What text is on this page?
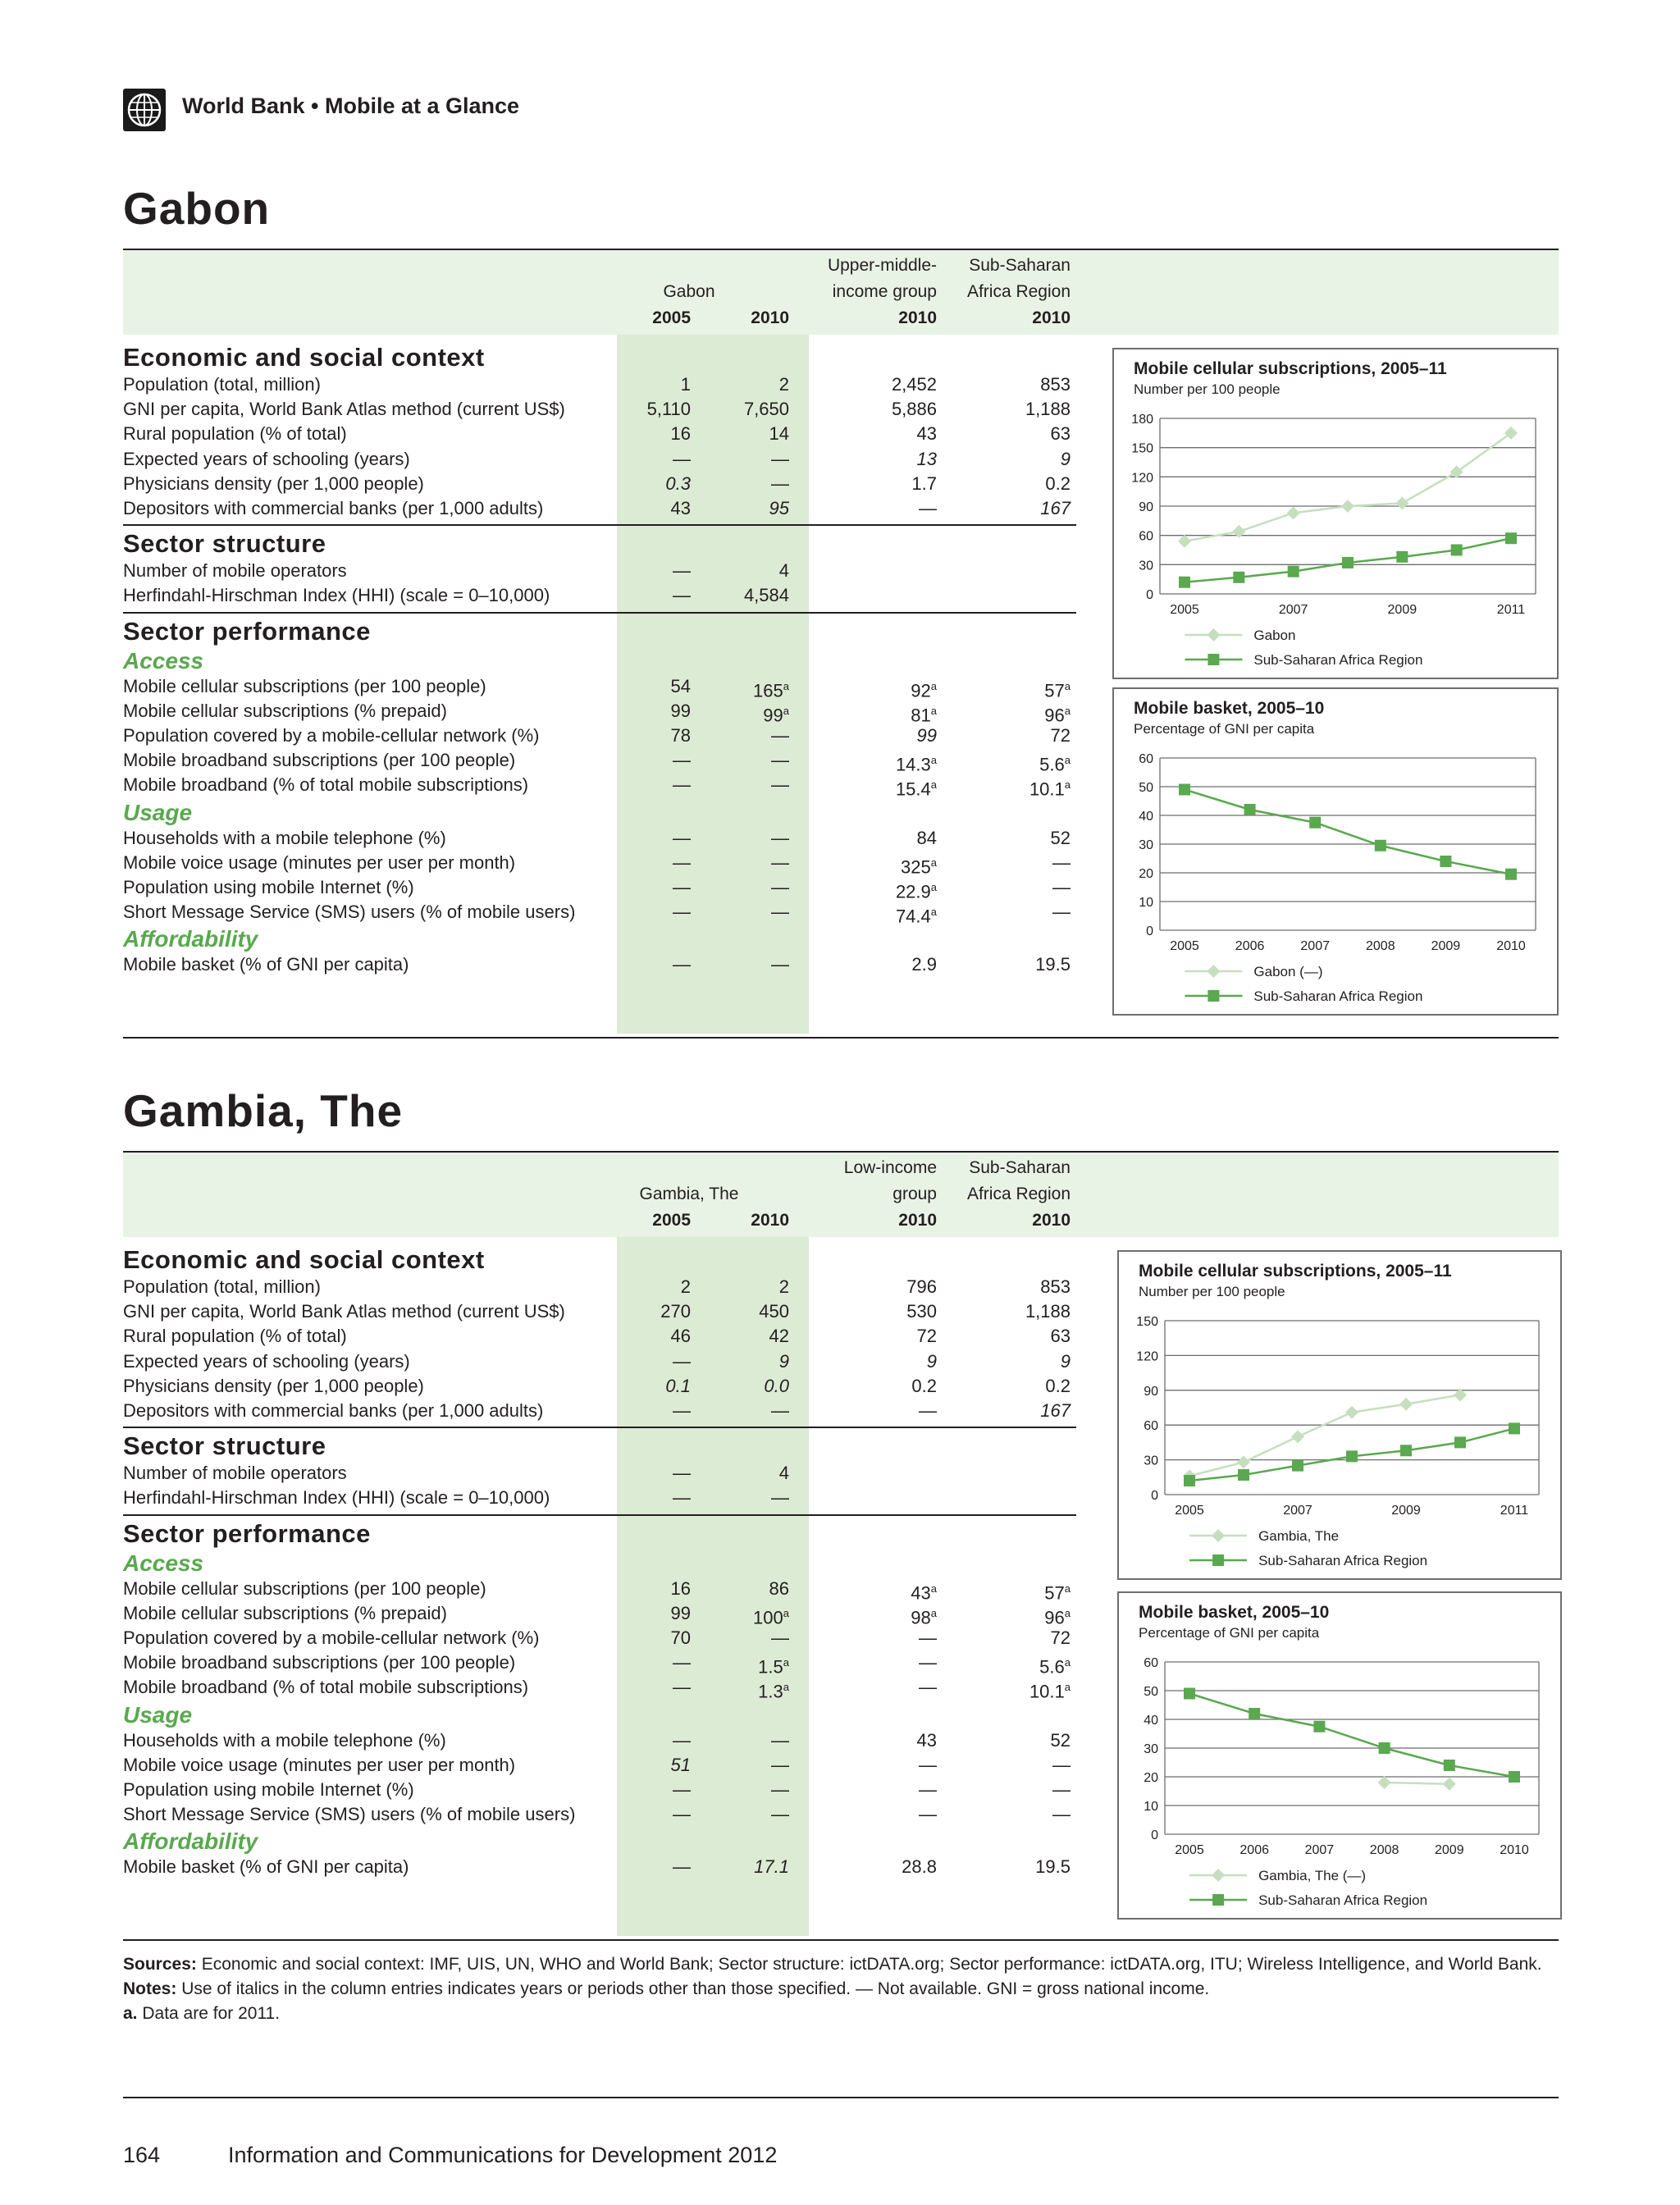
World Bank • Mobile at a Glance
Gabon
Gabon
Upper-middle-
income group
Sub-Saharan
Africa Region
2005	2010	2010	2010
Economic and social context
Population (total, million)	1	2	2,452	853
GNI per capita, World Bank Atlas method (current US$)	5,110	7,650	5,886	1,188
Rural population (% of total)	16	14	43	63
Expected years of schooling (years)	—	—	13	9
Physicians density (per 1,000 people)	0.3	—	1.7	0.2
Depositors with commercial banks (per 1,000 adults)	43	95	—	167
Sector structure
Number of mobile operators	—	4
Herfindahl-Hirschman Index (HHI) (scale = 0–10,000)	—	4,584
Sector performance
Access
Mobile cellular subscriptions (per 100 people)	54	165$^a$	92$^a$	57$^a$
Mobile cellular subscriptions (% prepaid)	99	99$^a$	81$^a$	96$^a$
Population covered by a mobile-cellular network (%)	78	—	99	72
Mobile broadband subscriptions (per 100 people)	—	—	14.3$^a$	5.6$^a$
Mobile broadband (% of total mobile subscriptions)	—	—	15.4$^a$	10.1$^a$
Usage
Households with a mobile telephone (%)	—	—	84	52
Mobile voice usage (minutes per user per month)	—	—	325$^a$	—
Population using mobile Internet (%)	—	—	22.9$^a$	—
Short Message Service (SMS) users (% of mobile users)	—	—	74.4$^a$	—
Affordability
Mobile basket (% of GNI per capita)	—	—	2.9	19.5
Gambia, The
Gambia, The
Low-income
group
Sub-Saharan
Africa Region
2005	2010	2010	2010
Economic and social context
Population (total, million)	2	2	796	853
GNI per capita, World Bank Atlas method (current US$)	270	450	530	1,188
Rural population (% of total)	46	42	72	63
Expected years of schooling (years)	—	9	9	9
Physicians density (per 1,000 people)	0.1	0.0	0.2	0.2
Depositors with commercial banks (per 1,000 adults)	—	—	—	167
Sector structure
Number of mobile operators	—	4
Herfindahl-Hirschman Index (HHI) (scale = 0–10,000)	—	—
Sector performance
Access
Mobile cellular subscriptions (per 100 people)	16	86	43$^a$	57$^a$
Mobile cellular subscriptions (% prepaid)	99	100$^a$	98$^a$	96$^a$
Population covered by a mobile-cellular network (%)	70	—	—	72
Mobile broadband subscriptions (per 100 people)	—	1.5$^a$	—	5.6$^a$
Mobile broadband (% of total mobile subscriptions)	—	1.3$^a$	—	10.1$^a$
Usage
Households with a mobile telephone (%)	—	—	43	52
Mobile voice usage (minutes per user per month)	51	—	—	—
Population using mobile Internet (%)	—	—	—	—
Short Message Service (SMS) users (% of mobile users)	—	—	—	—
Affordability
Mobile basket (% of GNI per capita)	—	17.1	28.8	19.5
Mobile cellular subscriptions, 2005–11
Number per 100 people
0
30
60
90
120
150
180
2005	2007	2009	2011
Gabon
Sub-Saharan Africa Region
Mobile basket, 2005–10
Percentage of GNI per capita
0
10
20
30
40
50
60
2005	2006	2007	2008	2009	2010
Gabon (—)
Sub-Saharan Africa Region
Mobile cellular subscriptions, 2005–11
Number per 100 people
0
30
60
90
120
150
2005	2007	2009	2011
Gambia, The
Sub-Saharan Africa Region
Mobile basket, 2005–10
Percentage of GNI per capita
0
10
20
30
40
50
60
2005	2006	2007	2008	2009	2010
Gambia, The (—)
Sub-Saharan Africa Region
Sources: Economic and social context: IMF, UIS, UN, WHO and World Bank; Sector structure: ictDATA.org; Sector performance: ictDATA.org, ITU; Wireless Intelligence, and World Bank.
Notes: Use of italics in the column entries indicates years or periods other than those specified. — Not available. GNI = gross national income.
a. Data are for 2011.
164	Information and Communications for Development 2012
